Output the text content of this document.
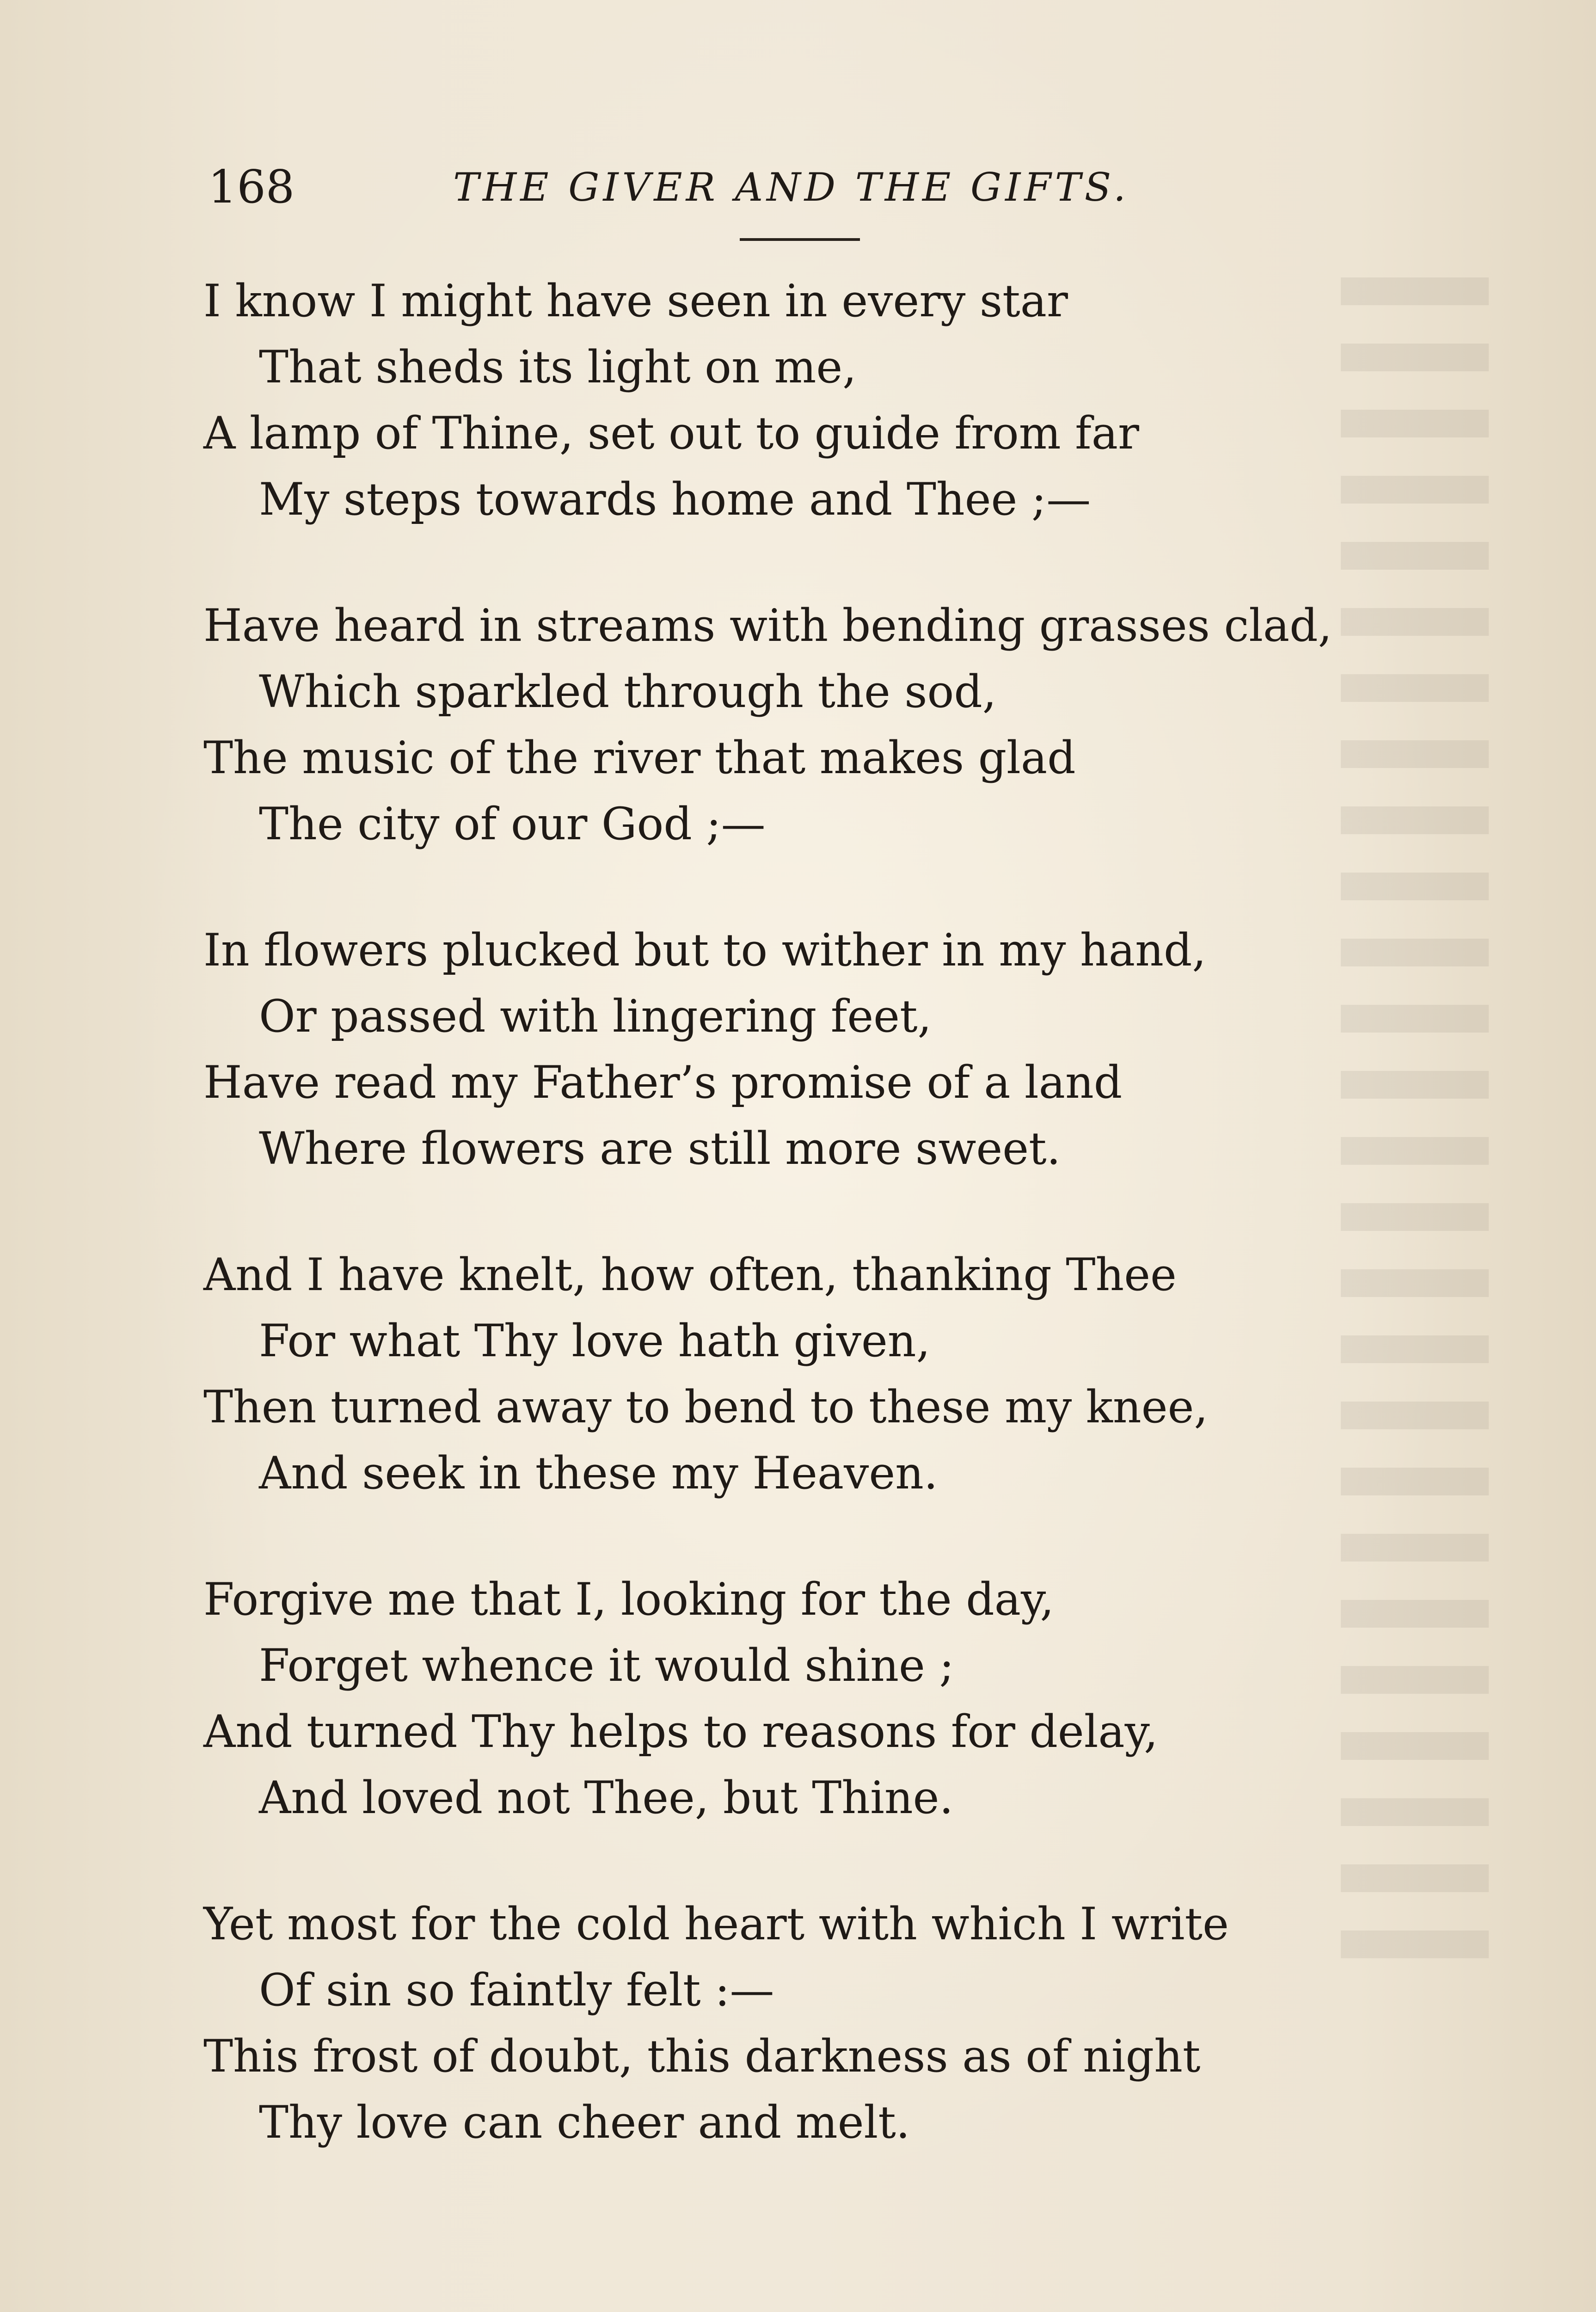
168	THE GIVER AND THE GIFTS.
I know I might have seen in every star
That sheds its light on me,
A lamp of Thine, set out to guide from far
My steps towards home and Thee ;—
Have heard in streams with bending grasses clad,
Which sparkled through the sod,
The music of the river that makes glad
The city of our God ;—
In flowers plucked but to wither in my hand,
Or passed with lingering feet,
Have read my Father’s promise of a land
Where flowers are still more sweet.
And I have knelt, how often, thanking Thee
For what Thy love hath given,
Then turned away to bend to these my knee,
And seek in these my Heaven.
Forgive me that I, looking for the day,
Forget whence it would shine ;
And turned Thy helps to reasons for delay,
And loved not Thee, but Thine.
Yet most for the cold heart with which I write
Of sin so faintly felt :—
This frost of doubt, this darkness as of night
Thy love can cheer and melt.
